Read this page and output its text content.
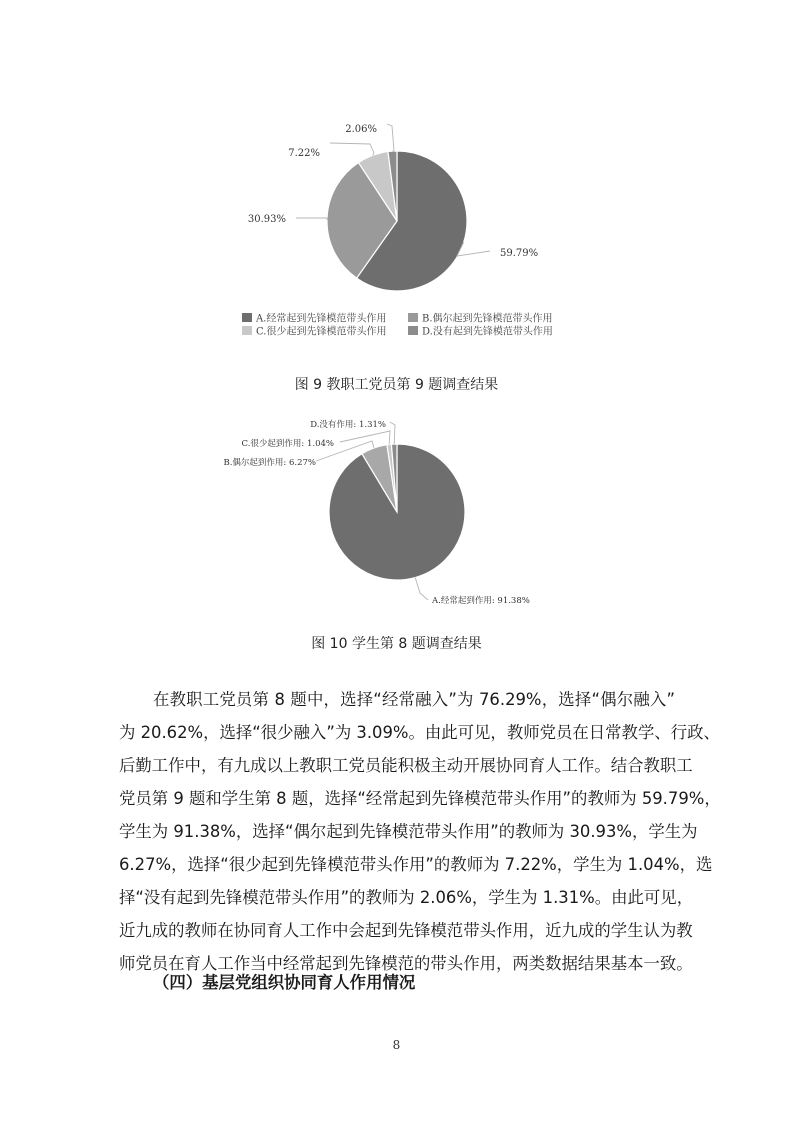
59.79%
30.93%
7.22%
2.06%
A.经常起到先锋模范带头作用	B.偶尔起到先锋模范带头作用
C.很少起到先锋模范带头作用	D.没有起到先锋模范带头作用
图 9 教职工党员第 9 题调查结果
A.经常起到作用: 91.38%
B.偶尔起到作用: 6.27%
C.很少起到作用: 1.04%
D.没有作用: 1.31%
图 10 学生第 8 题调查结果
在教职工党员第 8 题中，选择“经常融入”为 76.29%，选择“偶尔融入”
为 20.62%，选择“很少融入”为 3.09%。由此可见，教师党员在日常教学、行政、
后勤工作中，有九成以上教职工党员能积极主动开展协同育人工作。结合教职工
党员第 9 题和学生第 8 题，选择“经常起到先锋模范带头作用”的教师为 59.79%，
学生为 91.38%，选择“偶尔起到先锋模范带头作用”的教师为 30.93%，学生为
6.27%，选择“很少起到先锋模范带头作用”的教师为 7.22%，学生为 1.04%，选
择“没有起到先锋模范带头作用”的教师为 2.06%，学生为 1.31%。由此可见，
近九成的教师在协同育人工作中会起到先锋模范带头作用，近九成的学生认为教
师党员在育人工作当中经常起到先锋模范的带头作用，两类数据结果基本一致。
（四）基层党组织协同育人作用情况
8
